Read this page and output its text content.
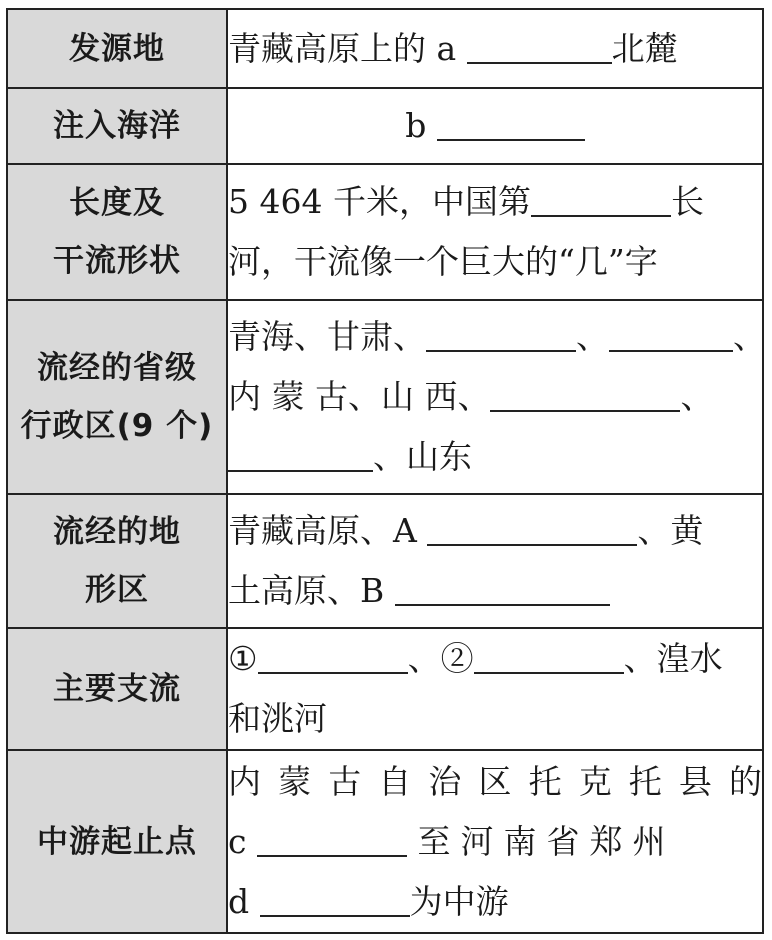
发源地	青藏高原上的 a 北麓
注入海洋	b

长度及
干流形状	5 464 千米，中国第 长
河，干流像一个巨大的“几”字

流经的省级
行政区(9 个)	青海、甘肃、 、 、
内 蒙 古、山 西、 、
、山东

流经的地
形区	青藏高原、A 、黄
土高原、B

主要支流	① 、② 、湟水
和洮河

中游起止点	内蒙古自治区托克托县的
c 至河南省郑州
d 为中游
